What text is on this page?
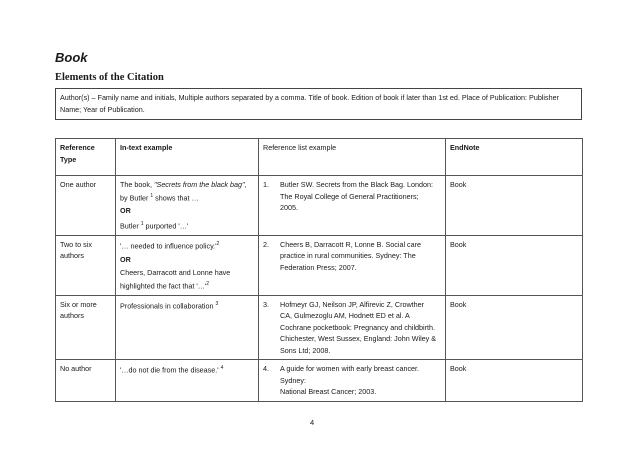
Book
Elements of the Citation
Author(s) – Family name and initials, Multiple authors separated by a comma. Title of book. Edition of book if later than 1st ed. Place of Publication: Publisher Name; Year of Publication.
Reference Type	In-text example	Reference list example	EndNote
One author	The book, "Secrets from the black bag", by Butler $^1$ shows that …
OR
Butler $^1$ purported '…'	1. Butler SW. Secrets from the Black Bag. London: The Royal College of General Practitioners; 2005.	Book
Two to six authors	'… needed to influence $policy.'^2$
OR
Cheers, Darracott and Lonne have highlighted the fact that '$\dots'^2$	2. Cheers B, Darracott R, Lonne B. Social care practice in rural communities. Sydney: The Federation Press; 2007.	Book
Six or more authors	Professionals in collaboration $^3$	3. Hofmeyr GJ, Neilson JP, Alfirevic Z, Crowther CA, Gulmezoglu AM, Hodnett ED et al. A Cochrane pocketbook: Pregnancy and childbirth. Chichester, West Sussex, England: John Wiley & Sons Ltd; 2008.	Book
No author	'…do not die from the disease.' $^4$	4. A guide for women with early breast cancer.
Sydney:
National Breast Cancer; 2003.	Book
4
